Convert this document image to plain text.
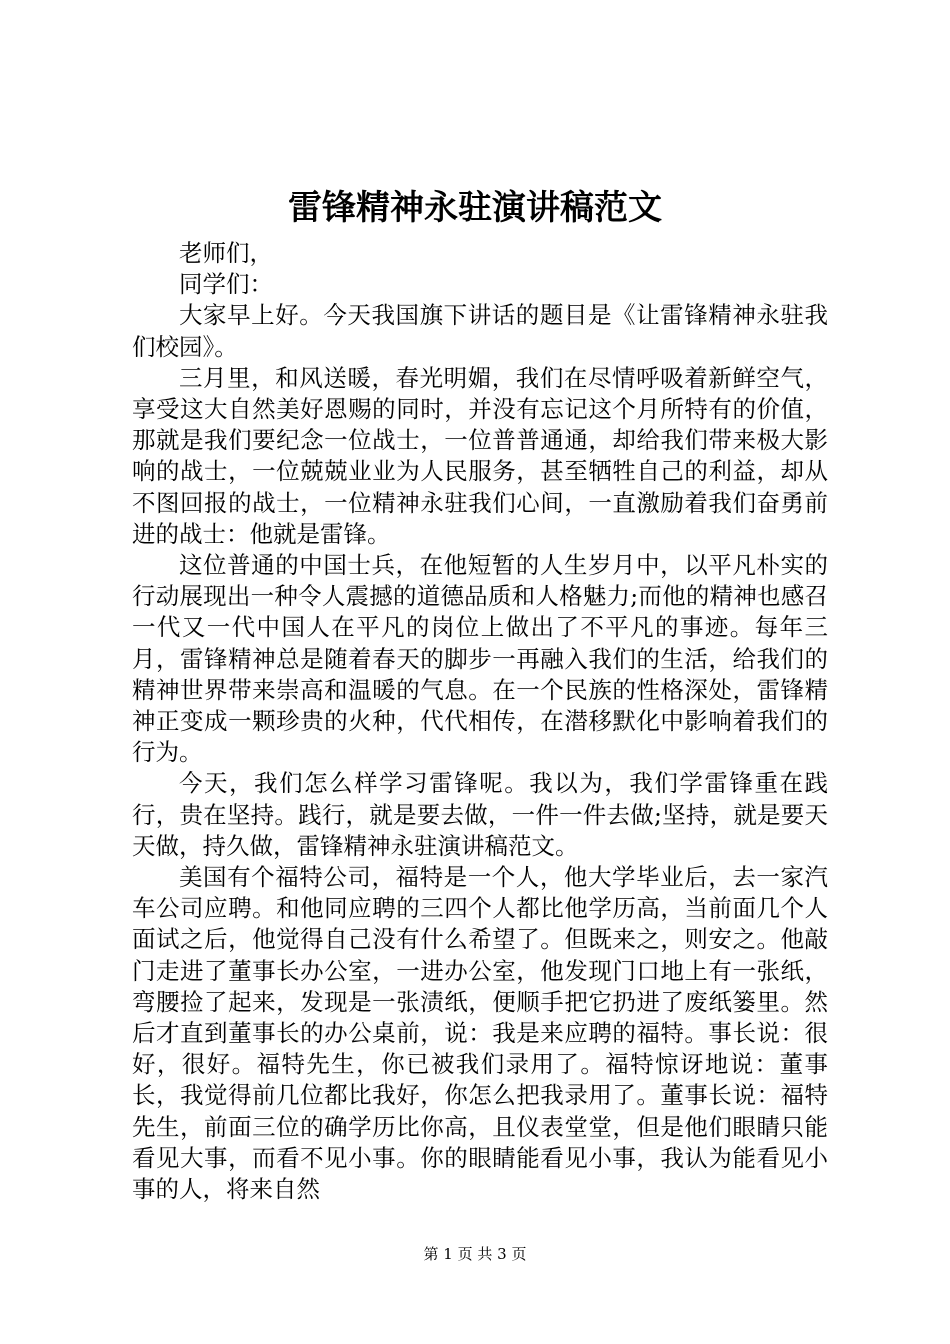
雷锋精神永驻演讲稿范文

老师们，

同学们：

大家早上好。今天我国旗下讲话的题目是《让雷锋精神永驻我们校园》。

三月里，和风送暖，春光明媚，我们在尽情呼吸着新鲜空气，享受这大自然美好恩赐的同时，并没有忘记这个月所特有的价值，那就是我们要纪念一位战士，一位普普通通，却给我们带来极大影响的战士，一位兢兢业业为人民服务，甚至牺牲自己的利益，却从不图回报的战士，一位精神永驻我们心间，一直激励着我们奋勇前进的战士：他就是雷锋。

这位普通的中国士兵，在他短暂的人生岁月中，以平凡朴实的行动展现出一种令人震撼的道德品质和人格魅力;而他的精神也感召一代又一代中国人在平凡的岗位上做出了不平凡的事迹。每年三月，雷锋精神总是随着春天的脚步一再融入我们的生活，给我们的精神世界带来崇高和温暖的气息。在一个民族的性格深处，雷锋精神正变成一颗珍贵的火种，代代相传，在潜移默化中影响着我们的行为。

今天，我们怎么样学习雷锋呢。我以为，我们学雷锋重在践行，贵在坚持。践行，就是要去做，一件一件去做;坚持，就是要天天做，持久做，雷锋精神永驻演讲稿范文。

美国有个福特公司，福特是一个人，他大学毕业后，去一家汽车公司应聘。和他同应聘的三四个人都比他学历高，当前面几个人面试之后，他觉得自己没有什么希望了。但既来之，则安之。他敲门走进了董事长办公室，一进办公室，他发现门口地上有一张纸，弯腰捡了起来，发现是一张渍纸，便顺手把它扔进了废纸篓里。然后才直到董事长的办公桌前，说：我是来应聘的福特。事长说：很好，很好。福特先生，你已被我们录用了。福特惊讶地说：董事长，我觉得前几位都比我好，你怎么把我录用了。董事长说：福特先生，前面三位的确学历比你高，且仪表堂堂，但是他们眼睛只能看见大事，而看不见小事。你的眼睛能看见小事，我认为能看见小事的人，将来自然

第 1 页 共 3 页
